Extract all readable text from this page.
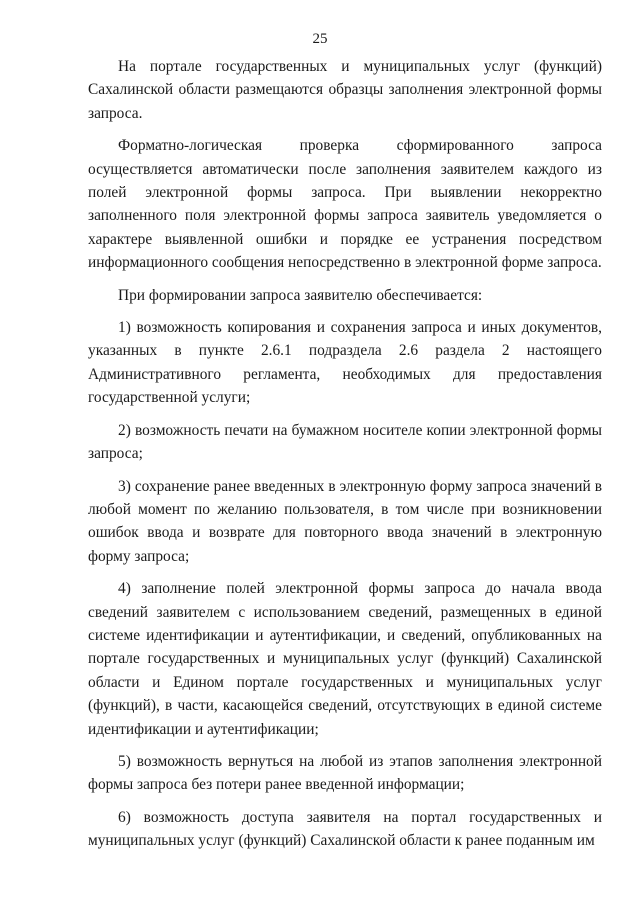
25

На портале государственных и муниципальных услуг (функций) Сахалинской области размещаются образцы заполнения электронной формы запроса.

Форматно-логическая проверка сформированного запроса осуществляется автоматически после заполнения заявителем каждого из полей электронной формы запроса. При выявлении некорректно заполненного поля электронной формы запроса заявитель уведомляется о характере выявленной ошибки и порядке ее устранения посредством информационного сообщения непосредственно в электронной форме запроса.

При формировании запроса заявителю обеспечивается:

1) возможность копирования и сохранения запроса и иных документов, указанных в пункте 2.6.1 подраздела 2.6 раздела 2 настоящего Административного регламента, необходимых для предоставления государственной услуги;

2) возможность печати на бумажном носителе копии электронной формы запроса;

3) сохранение ранее введенных в электронную форму запроса значений в любой момент по желанию пользователя, в том числе при возникновении ошибок ввода и возврате для повторного ввода значений в электронную форму запроса;

4) заполнение полей электронной формы запроса до начала ввода сведений заявителем с использованием сведений, размещенных в единой системе идентификации и аутентификации, и сведений, опубликованных на портале государственных и муниципальных услуг (функций) Сахалинской области и Едином портале государственных и муниципальных услуг (функций), в части, касающейся сведений, отсутствующих в единой системе идентификации и аутентификации;

5) возможность вернуться на любой из этапов заполнения электронной формы запроса без потери ранее введенной информации;

6) возможность доступа заявителя на портал государственных и муниципальных услуг (функций) Сахалинской области к ранее поданным им
